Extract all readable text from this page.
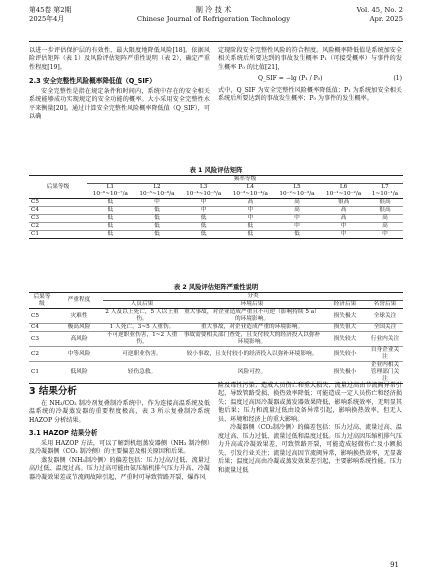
第45卷 第2期
2025年4月
制 冷 技 术
Chinese Journal of Refrigeration Technology
Vol. 45, No. 2
Apr. 2025

以进一步评估保护层的有效性，最大限度地降低风险[18]。依据风险评估矩阵（表 1）及风险评估矩阵严重性说明（表 2），确定严重性程度[19]。

2.3 安全完整性风险概率降低值（Q_SIF）

安全完整性是指在规定条件和时间内，系统中存在的安全相关系统能够成功实现规定的安全功能的概率。大小采用安全完整性水平来衡量[20]。通过计算安全完整性风险概率降低值（Q_SIF），可以确

定现阶段安全完整性风险的符合程度。风险概率降低值是系统加安全相关系统后所要达到的事故发生概率 P₁（可接受概率）与事件的发生概率 P₀ 的比值[21]，

Q_SIF = −lg (P₁ / P₀)	(1)

式中，Q_SIF 为安全完整性风险概率降低值；P₁ 为系统加安全相关系统后所要达到的事故发生概率；P₀ 为事件的发生概率。

表 1 风险评估矩阵
后果等级	频率等级						
	L1	L2	L3	L4	L5	L6	L7
	10⁻⁶~10⁻⁷/a	10⁻⁵~10⁻⁶/a	10⁻⁴~10⁻⁵/a	10⁻³~10⁻⁴/a	10⁻²~10⁻³/a	10⁻¹~10⁻²/a	1~10⁻¹/a
C5	低	中	中	高	高	很高	很高
C4	低	低	中	中	高	高	很高
C3	低	低	低	中	中	高	高
C2	低	低	低	低	中	中	高
C1	低	低	低	低	低	中	中
表 2 风险评估矩阵严重性说明
后果等级	严重程度	分类			
		人员后果	环境后果	经济后果	名誉后果
C5	灾难性	2 人及以上死亡，5 人以上重伤。	重大事故，对企业造成严重且不可逆（影响持续 5 a）的环境影响。	损失极大	全球关注
C4	极高风险	1 人死亡，3~5 人重伤。	重大事故，对企业造成严重的环境影响。	损失很大	全国关注
C3	高风险	不可逆职业伤害，1~2 人重伤。	事故需要相关部门查处，且支付较大的经济投入以弥补环境影响。	损失较大	行业内关注
C2	中等风险	可逆职业伤害。	较小事故，且支付较小的经济投入以弥补环境影响。	损失较小	自身企业关注
C1	低风险	轻伤急救。	风险可控。	损失极小	企业内相关管理部门关注
3 结果分析

在 NH₃/CO₂ 制冷剂复叠制冷系统中，作为连接高温系统及低温系统的冷凝蒸发器的重要程度极高，表 3 所示复叠制冷系统 HAZOP 分析结果。

3.1 HAZOP 结果分析

采用 HAZOP 方法，可以了解到机组蒸发器侧（NH₃ 制冷侧）及冷凝器侧（CO₂ 制冷侧）的主要偏差及相关原因和后果。

蒸发器侧（NH₃制冷侧）的偏差包括：压力过高/过低、流量过高/过低、温度过高。压力过高可能由氨压缩机排气压力升高、冷凝器冷凝效果差或节流阀故障引起，严重时可导致管路开裂、爆炸风

险及毒性污染；造成人员伤亡和重大损失；流量过高由节流阀异常引起，导致管路受损、换热效率降低；可能造成一定人员伤亡和经济损失；温度过高因冷凝器或蒸发器效果降低，影响系统效率，无明显其他后果；压力和流量过低由设备异常引起，影响换热效率，但无人员、环境和经济上的重大影响。

冷凝器侧（CO₂制冷侧）的偏差包括：压力过高、流量过高、温度过高、压力过低、流量过低和温度过低。压力过高因压缩机排气压力升高或冷凝效果差，可致管路开裂，可能造成轻微伤亡及小额损失，引发行业关注；流量过高因节流阀异常，影响换热效率，无显著后果；温度过高由冷凝或蒸发效果差引起，主要影响系统性能。压力和流量过低

91
